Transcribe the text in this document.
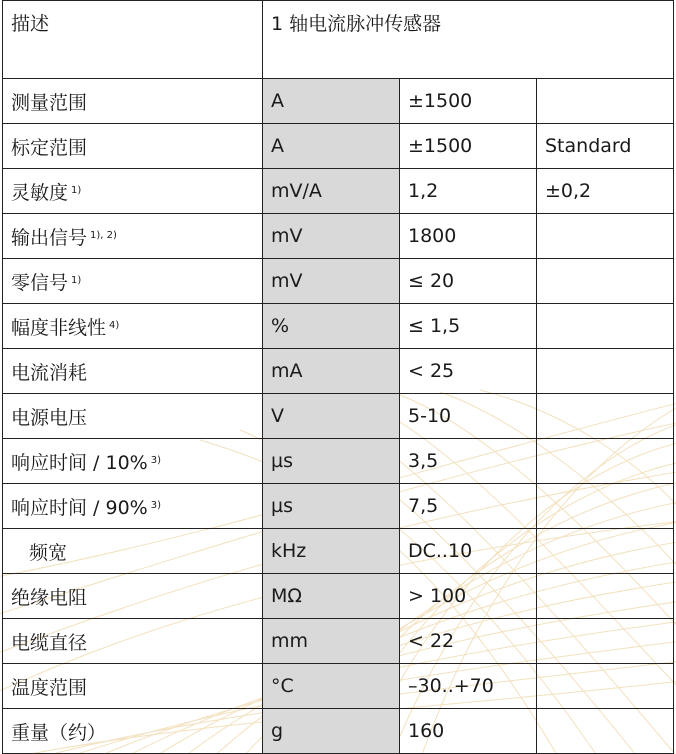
描述	1 轴电流脉冲传感器		
测量范围	A	±1500	
标定范围	A	±1500	Standard
灵敏度 $^{1)}$	mV/A	1,2	±0,2
输出信号 $^{1), 2)}$	mV	1800	
零信号 $^{1)}$	mV	≤ 20	
幅度非线性 $^{4)}$	%	≤ 1,5	
电流消耗	mA	< 25	
电源电压	V	5-10	
响应时间 / 10% $^{3)}$	µs	3,5	
响应时间 / 90% $^{3)}$	µs	7,5	
频宽	kHz	DC..10	
绝缘电阻	MΩ	> 100	
电缆直径	mm	< 22	
温度范围	°C	–30..+70	
重量（约）	g	160	
